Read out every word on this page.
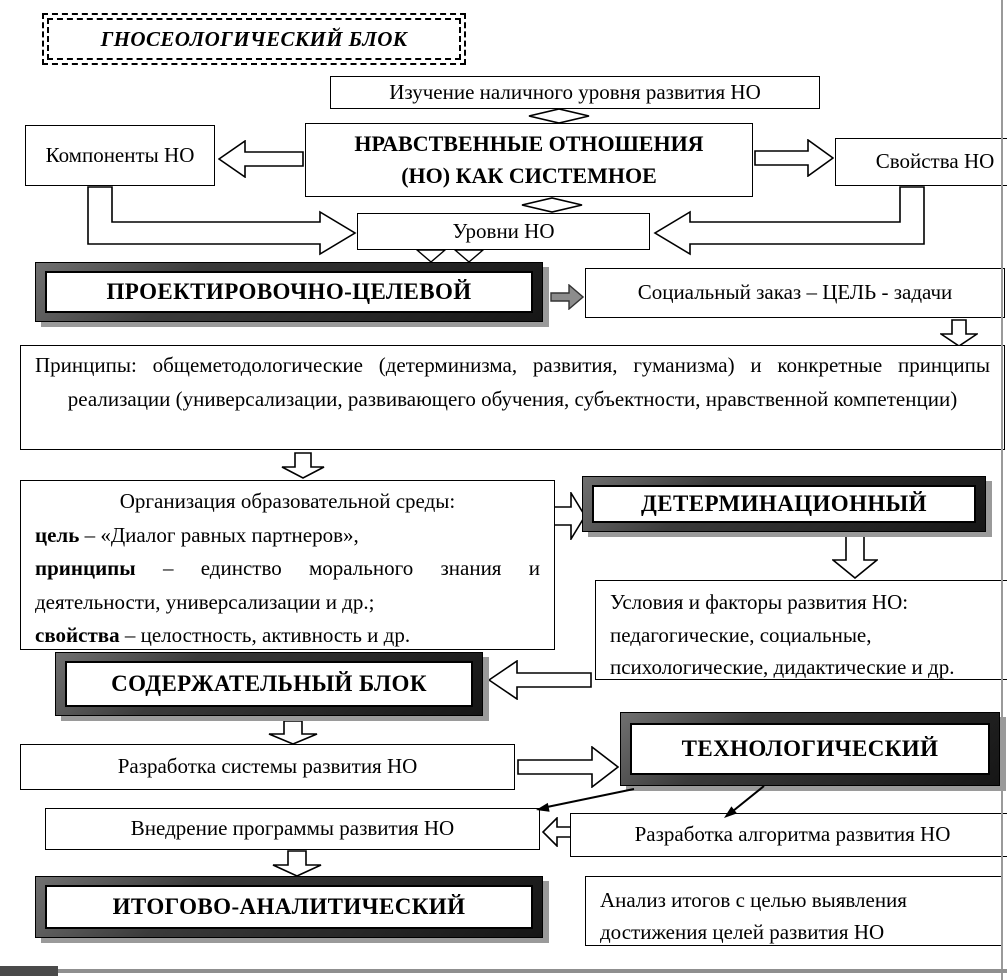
ГНОСЕОЛОГИЧЕСКИЙ БЛОК
Изучение наличного уровня развития НО
НРАВСТВЕННЫЕ ОТНОШЕНИЯ
(НО) КАК СИСТЕМНОЕ
Компоненты НО	Свойства НО
Уровни НО
Социальный заказ – ЦЕЛЬ - задачи
Принципы: общеметодологические (детерминизма, развития, гуманизма) и конкретные принципы реализации (универсализации, развивающего обучения, субъектности, нравственной компетенции)
Организация образовательной среды:
цель – «Диалог равных партнеров»,
принципы – единство морального знания и деятельности, универсализации и др.;
свойства – целостность, активность и др.
Условия и факторы развития НО: педагогические, социальные, психологические, дидактические и др.
Разработка системы развития НО
Внедрение программы развития НО	Разработка алгоритма развития НО
Анализ итогов с целью выявления достижения целей развития НО
ПРОЕКТИРОВОЧНО-ЦЕЛЕВОЙ
ДЕТЕРМИНАЦИОННЫЙ
СОДЕРЖАТЕЛЬНЫЙ БЛОК
ТЕХНОЛОГИЧЕСКИЙ
ИТОГОВО-АНАЛИТИЧЕСКИЙ
